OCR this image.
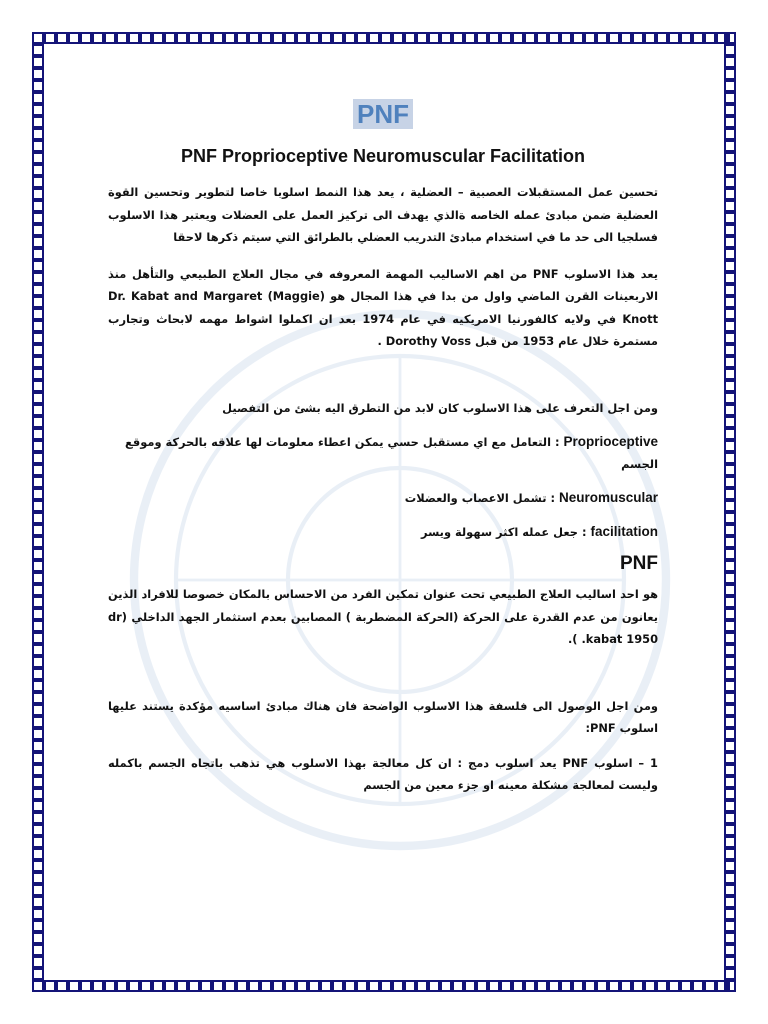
PNF
PNF Proprioceptive Neuromuscular Facilitation

تحسين عمل المستقبلات العصبية – العضلية ، يعد هذا النمط اسلوبا خاصا لتطوير وتحسين القوة العضلية ضمن مبادئ عمله الخاصه ةالذي يهدف الى تركيز العمل على العضلات ويعتبر هذا الاسلوب فسلجيا الى حد ما في استخدام مبادئ التدريب العضلي بالطرائق التي سيتم ذكرها لاحقا

يعد هذا الاسلوب PNF من اهم الاساليب المهمة المعروفه في مجال العلاج الطبيعي والتأهل منذ الاربعينات القرن الماضي واول من بدا في هذا المجال هو Dr. Kabat and Margaret (Maggie) Knott في ولايه كالفورنيا الامريكيه في عام 1974 بعد ان اكملوا اشواط مهمه لابحاث وتجارب مستمرة خلال عام 1953 من قبل Dorothy Voss .

ومن اجل التعرف على هذا الاسلوب كان لابد من التطرق اليه بشئ من التفصيل

Proprioceptive : التعامل مع اي مستقبل حسي يمكن اعطاء معلومات لها علاقه بالحركة وموقع الجسم

Neuromuscular : تشمل الاعصاب والعضلات

facilitation : جعل عمله اكثر سهولة ويسر

PNF

هو احد اساليب العلاج الطبيعي تحت عنوان تمكين الفرد من الاحساس بالمكان خصوصا للافراد الذين يعانون من عدم القدرة على الحركة (الحركة المضطربة ) المصابين بعدم استثمار الجهد الداخلي (dr .kabat 1950 ).

ومن اجل الوصول الى فلسفة هذا الاسلوب الواضحة فان هناك مبادئ اساسيه مؤكدة يستند عليها اسلوب PNF:

1 – اسلوب PNF يعد اسلوب دمج : ان كل معالجة بهذا الاسلوب هي تذهب باتجاه الجسم باكمله وليست لمعالجة مشكلة معينه او جزء معين من الجسم
